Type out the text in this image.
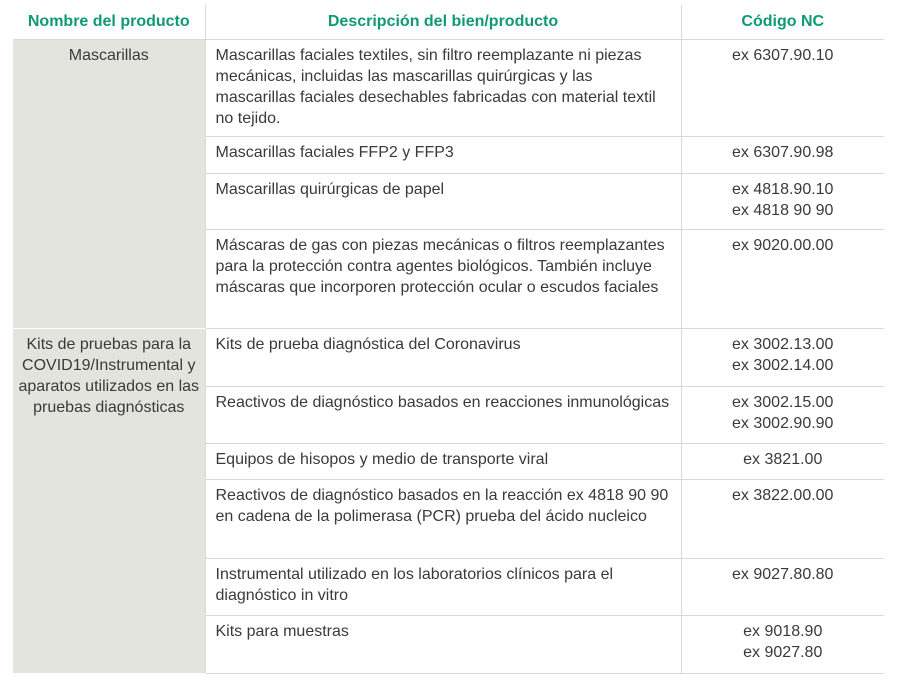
Nombre del producto	Descripción del bien/producto	Código NC
Mascarillas	Mascarillas faciales textiles, sin filtro reemplazante ni piezas mecánicas, incluidas las mascarillas quirúrgicas y las mascarillas faciales desechables fabricadas con material textil no tejido.	ex 6307.90.10

	Mascarillas faciales FFP2 y FFP3	ex 6307.90.98

	Mascarillas quirúrgicas de papel	ex 4818.90.10
ex 4818 90 90

	Máscaras de gas con piezas mecánicas o filtros reemplazantes para la protección contra agentes biológicos. También incluye máscaras que incorporen protección ocular o escudos faciales	ex 9020.00.00

Kits de pruebas para la COVID19/Instrumental y aparatos utilizados en las pruebas diagnósticas	Kits de prueba diagnóstica del Coronavirus	ex 3002.13.00
ex 3002.14.00

	Reactivos de diagnóstico basados en reacciones inmunológicas	ex 3002.15.00
ex 3002.90.90

	Equipos de hisopos y medio de transporte viral	ex 3821.00

	Reactivos de diagnóstico basados en la reacción ex 4818 90 90 en cadena de la polimerasa (PCR) prueba del ácido nucleico	ex 3822.00.00

	Instrumental utilizado en los laboratorios clínicos para el diagnóstico in vitro	ex 9027.80.80

	Kits para muestras	ex 9018.90
ex 9027.80
